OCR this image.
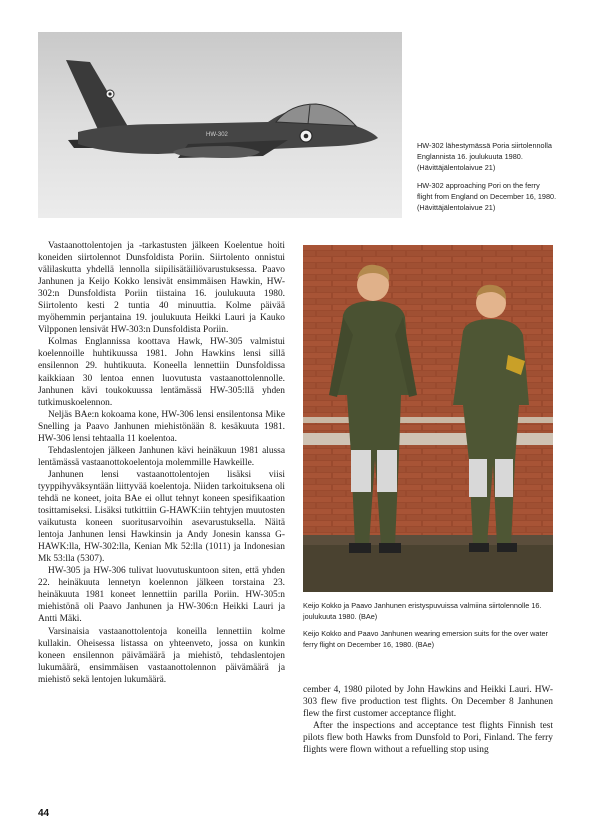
HW-302

HW-302 lähestymässä Poria siirtolennolla Englannista 16. joulukuuta 1980. (Hävittäjälentolaivue 21)

HW-302 approaching Pori on the ferry flight from England on December 16, 1980. (Hävittäjälentolaivue 21)

Vastaanottolentojen ja -tarkastusten jälkeen Koelentue hoiti koneiden siirtolennot Dunsfoldista Poriin. Siirtolento onnistui välilaskutta yhdellä lennolla siipilisätäiliövarustuksessa. Paavo Janhunen ja Keijo Kokko lensivät ensimmäisen Hawkin, HW-302:n Dunsfoldista Poriin tiistaina 16. joulukuuta 1980. Siirtolento kesti 2 tuntia 40 minuuttia. Kolme päivää myöhemmin perjantaina 19. joulukuuta Heikki Lauri ja Kauko Vilpponen lensivät HW-303:n Dunsfoldista Poriin.

Kolmas Englannissa koottava Hawk, HW-305 valmistui koelennoille huhtikuussa 1981. John Hawkins lensi sillä ensilennon 29. huhtikuuta. Koneella lennettiin Dunsfoldissa kaikkiaan 30 lentoa ennen luovutusta vastaanottolennolle. Janhunen kävi toukokuussa lentämässä HW-305:llä yhden tutkimuskoelennon.

Neljäs BAe:n kokoama kone, HW-306 lensi ensilentonsa Mike Snelling ja Paavo Janhunen miehistönään 8. kesäkuuta 1981. HW-306 lensi tehtaalla 11 koelentoa.

Tehdaslentojen jälkeen Janhunen kävi heinäkuun 1981 alussa lentämässä vastaanottokoelentoja molemmille Hawkeille.

Janhunen lensi vastaanottolentojen lisäksi viisi tyyppihyväksyntään liittyvää koelentoja. Niiden tarkoituksena oli tehdä ne koneet, joita BAe ei ollut tehnyt koneen spesifikaation tosittamiseksi. Lisäksi tutkittiin G-HAWK:iin tehtyjen muutosten vaikutusta koneen suoritusarvoihin asevarustuksella. Näitä lentoja Janhunen lensi Hawkinsin ja Andy Jonesin kanssa G-HAWK:lla, HW-302:lla, Kenian Mk 52:lla (1011) ja Indonesian Mk 53:lla (5307).

HW-305 ja HW-306 tulivat luovutuskuntoon siten, että yhden 22. heinäkuuta lennetyn koelennon jälkeen torstaina 23. heinäkuuta 1981 koneet lennettiin parilla Poriin. HW-305:n miehistönä oli Paavo Janhunen ja HW-306:n Heikki Lauri ja Antti Mäki.

Varsinaisia vastaanottolentoja koneilla lennettiin kolme kullakin. Oheisessa listassa on yhteenveto, jossa on kunkin koneen ensilennon päivämäärä ja miehistö, tehdaslentojen lukumäärä, ensimmäisen vastaanottolennon päivämäärä ja miehistö sekä lentojen lukumäärä.

Keijo Kokko ja Paavo Janhunen eristyspuvuissa valmiina siirtolennolle 16. joulukuuta 1980. (BAe)

Keijo Kokko and Paavo Janhunen wearing emersion suits for the over water ferry flight on December 16, 1980. (BAe)

cember 4, 1980 piloted by John Hawkins and Heikki Lauri. HW-303 flew five production test flights. On December 8 Janhunen flew the first customer acceptance flight.

After the inspections and acceptance test flights Finnish test pilots flew both Hawks from Dunsfold to Pori, Finland. The ferry flights were flown without a refuelling stop using

44
